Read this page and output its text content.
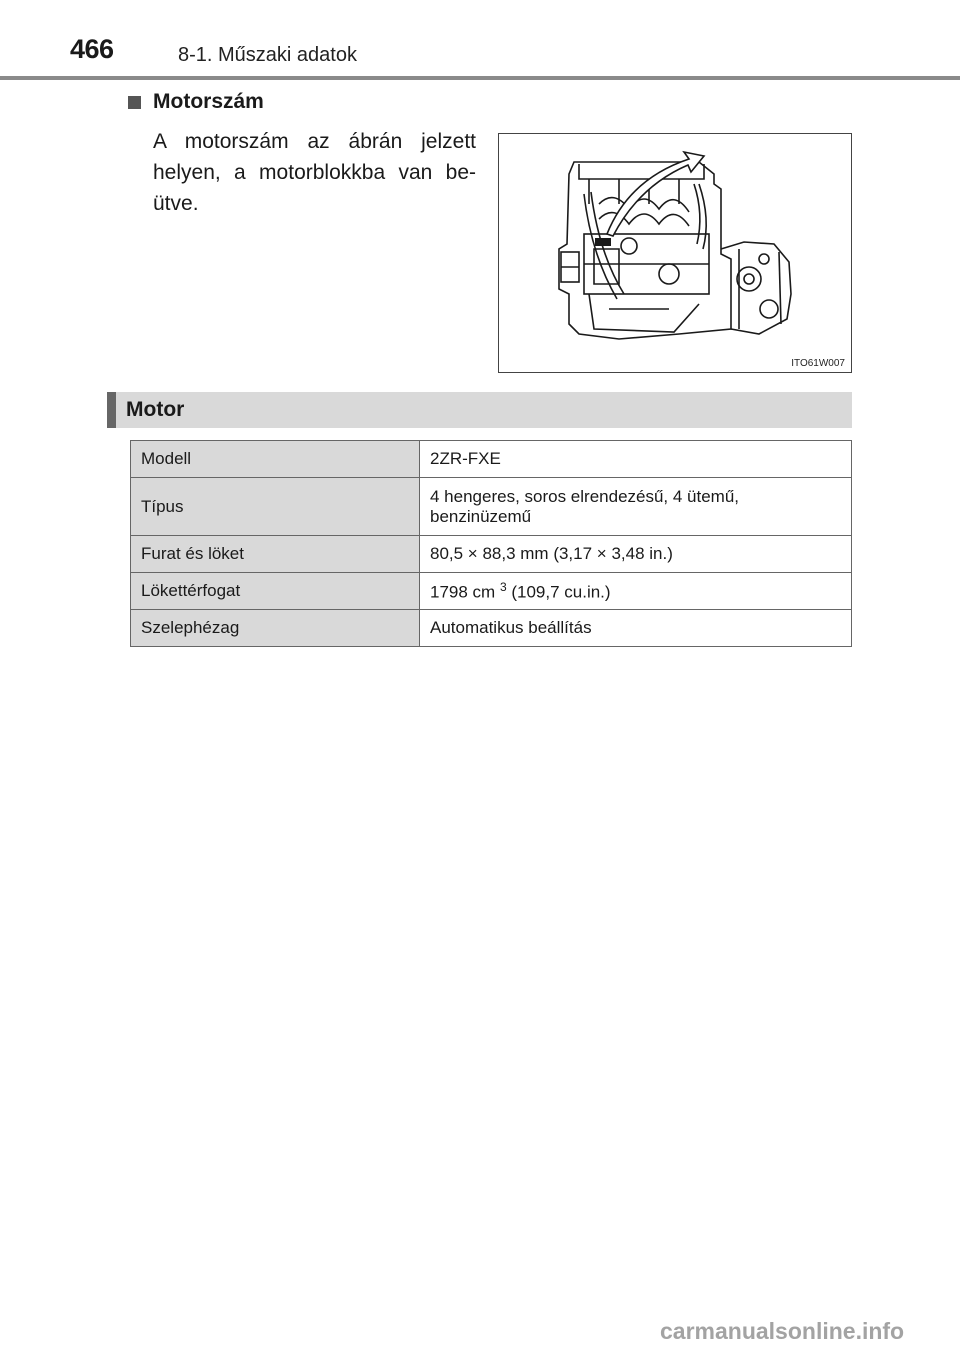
466	8-1. Műszaki adatok
Motorszám
A motorszám az ábrán jelzett helyen, a motorblokkba van be-ütve.
ITO61W007
Motor
Modell	2ZR-FXE
Típus	4 hengeres, soros elrendezésű, 4 ütemű, benzinüzemű
Furat és löket	80,5 × 88,3 mm (3,17 × 3,48 in.)
Lökettérfogat	1798 cm $^3$ (109,7 cu.in.)
Szelephézag	Automatikus beállítás
carmanualsonline.info
